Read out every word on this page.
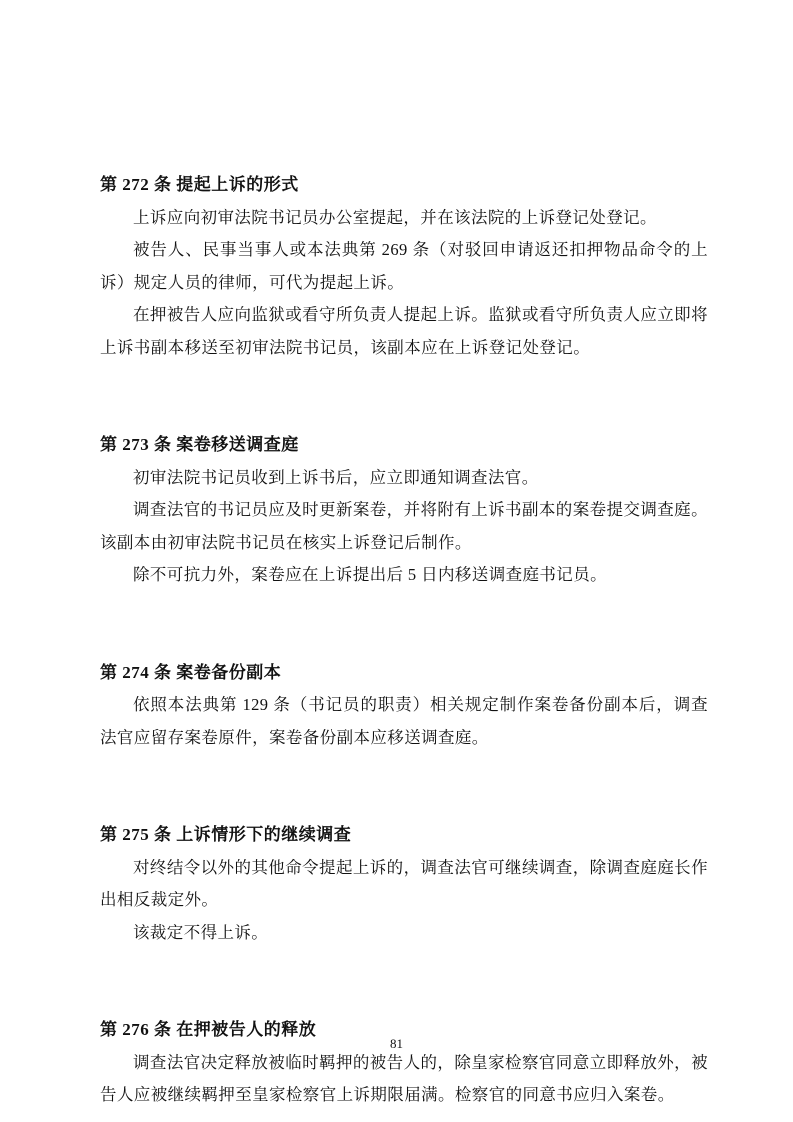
第 272 条 提起上诉的形式

上诉应向初审法院书记员办公室提起，并在该法院的上诉登记处登记。

被告人、民事当事人或本法典第 269 条（对驳回申请返还扣押物品命令的上诉）规定人员的律师，可代为提起上诉。

在押被告人应向监狱或看守所负责人提起上诉。监狱或看守所负责人应立即将上诉书副本移送至初审法院书记员，该副本应在上诉登记处登记。

第 273 条 案卷移送调查庭

初审法院书记员收到上诉书后，应立即通知调查法官。

调查法官的书记员应及时更新案卷，并将附有上诉书副本的案卷提交调查庭。该副本由初审法院书记员在核实上诉登记后制作。

除不可抗力外，案卷应在上诉提出后 5 日内移送调查庭书记员。

第 274 条 案卷备份副本

依照本法典第 129 条（书记员的职责）相关规定制作案卷备份副本后，调查法官应留存案卷原件，案卷备份副本应移送调查庭。

第 275 条 上诉情形下的继续调查

对终结令以外的其他命令提起上诉的，调查法官可继续调查，除调查庭庭长作出相反裁定外。

该裁定不得上诉。

第 276 条 在押被告人的释放

调查法官决定释放被临时羁押的被告人的，除皇家检察官同意立即释放外，被告人应被继续羁押至皇家检察官上诉期限届满。检察官的同意书应归入案卷。

81
